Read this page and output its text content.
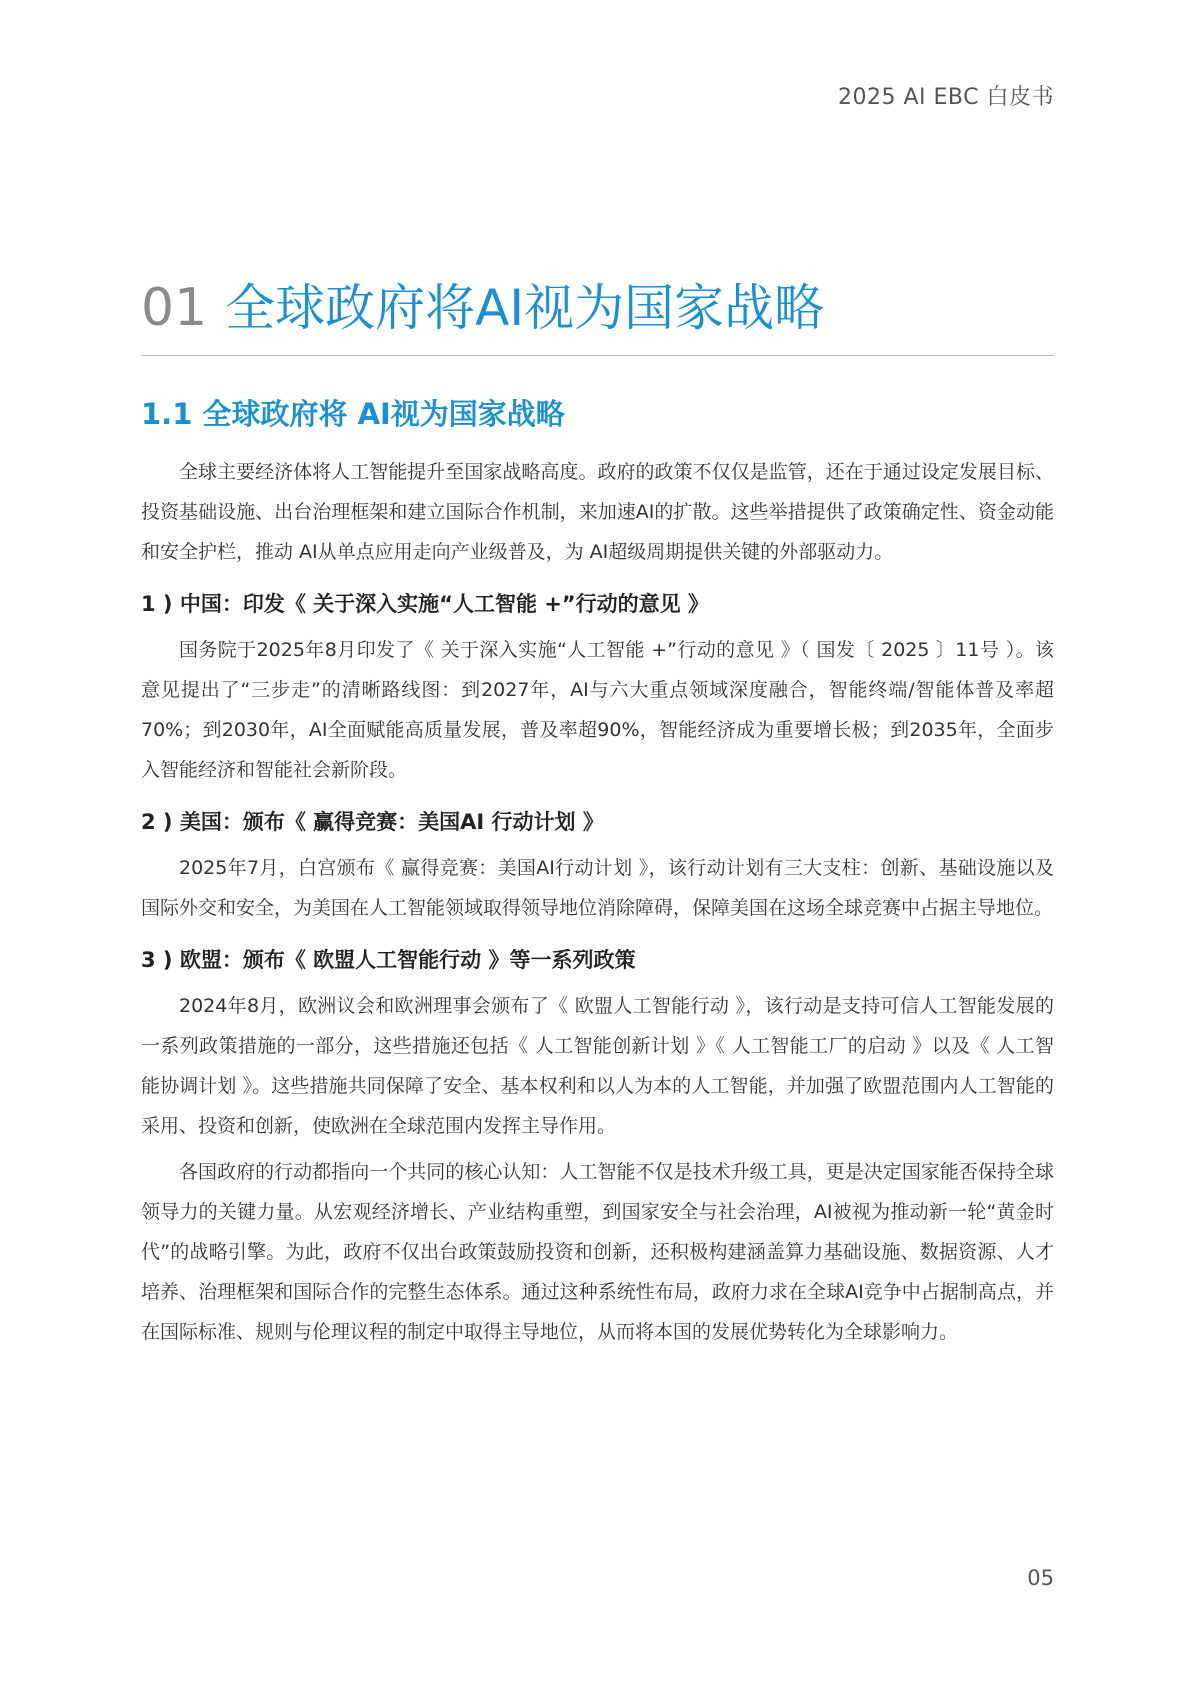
2025 AI EBC 白皮书
01 全球政府将AI视为国家战略
1.1 全球政府将 AI视为国家战略

全球主要经济体将人工智能提升至国家战略高度。政府的政策不仅仅是监管，还在于通过设定发展目标、投资基础设施、出台治理框架和建立国际合作机制，来加速AI的扩散。这些举措提供了政策确定性、资金动能和安全护栏，推动 AI从单点应用走向产业级普及，为 AI超级周期提供关键的外部驱动力。

1 ) 中国：印发《 关于深入实施“人工智能 +”行动的意见 》

国务院于2025年8月印发了《 关于深入实施“人工智能 +”行动的意见 》（ 国发〔 2025 〕11号 ）。该意见提出了“三步走”的清晰路线图：到2027年，AI与六大重点领域深度融合，智能终端/智能体普及率超70%；到2030年，AI全面赋能高质量发展，普及率超90%，智能经济成为重要增长极；到2035年，全面步入智能经济和智能社会新阶段。

2 ) 美国：颁布《 赢得竞赛：美国AI 行动计划 》

2025年7月，白宫颁布《 赢得竞赛：美国AI行动计划 》，该行动计划有三大支柱：创新、基础设施以及国际外交和安全，为美国在人工智能领域取得领导地位消除障碍，保障美国在这场全球竞赛中占据主导地位。

3 ) 欧盟：颁布《 欧盟人工智能行动 》等一系列政策

2024年8月，欧洲议会和欧洲理事会颁布了《 欧盟人工智能行动 》，该行动是支持可信人工智能发展的一系列政策措施的一部分，这些措施还包括《 人工智能创新计划 》《 人工智能工厂的启动 》以及《 人工智能协调计划 》。这些措施共同保障了安全、基本权利和以人为本的人工智能，并加强了欧盟范围内人工智能的采用、投资和创新，使欧洲在全球范围内发挥主导作用。

各国政府的行动都指向一个共同的核心认知：人工智能不仅是技术升级工具，更是决定国家能否保持全球领导力的关键力量。从宏观经济增长、产业结构重塑，到国家安全与社会治理，AI被视为推动新一轮“黄金时代”的战略引擎。为此，政府不仅出台政策鼓励投资和创新，还积极构建涵盖算力基础设施、数据资源、人才培养、治理框架和国际合作的完整生态体系。通过这种系统性布局，政府力求在全球AI竞争中占据制高点，并在国际标准、规则与伦理议程的制定中取得主导地位，从而将本国的发展优势转化为全球影响力。

05
